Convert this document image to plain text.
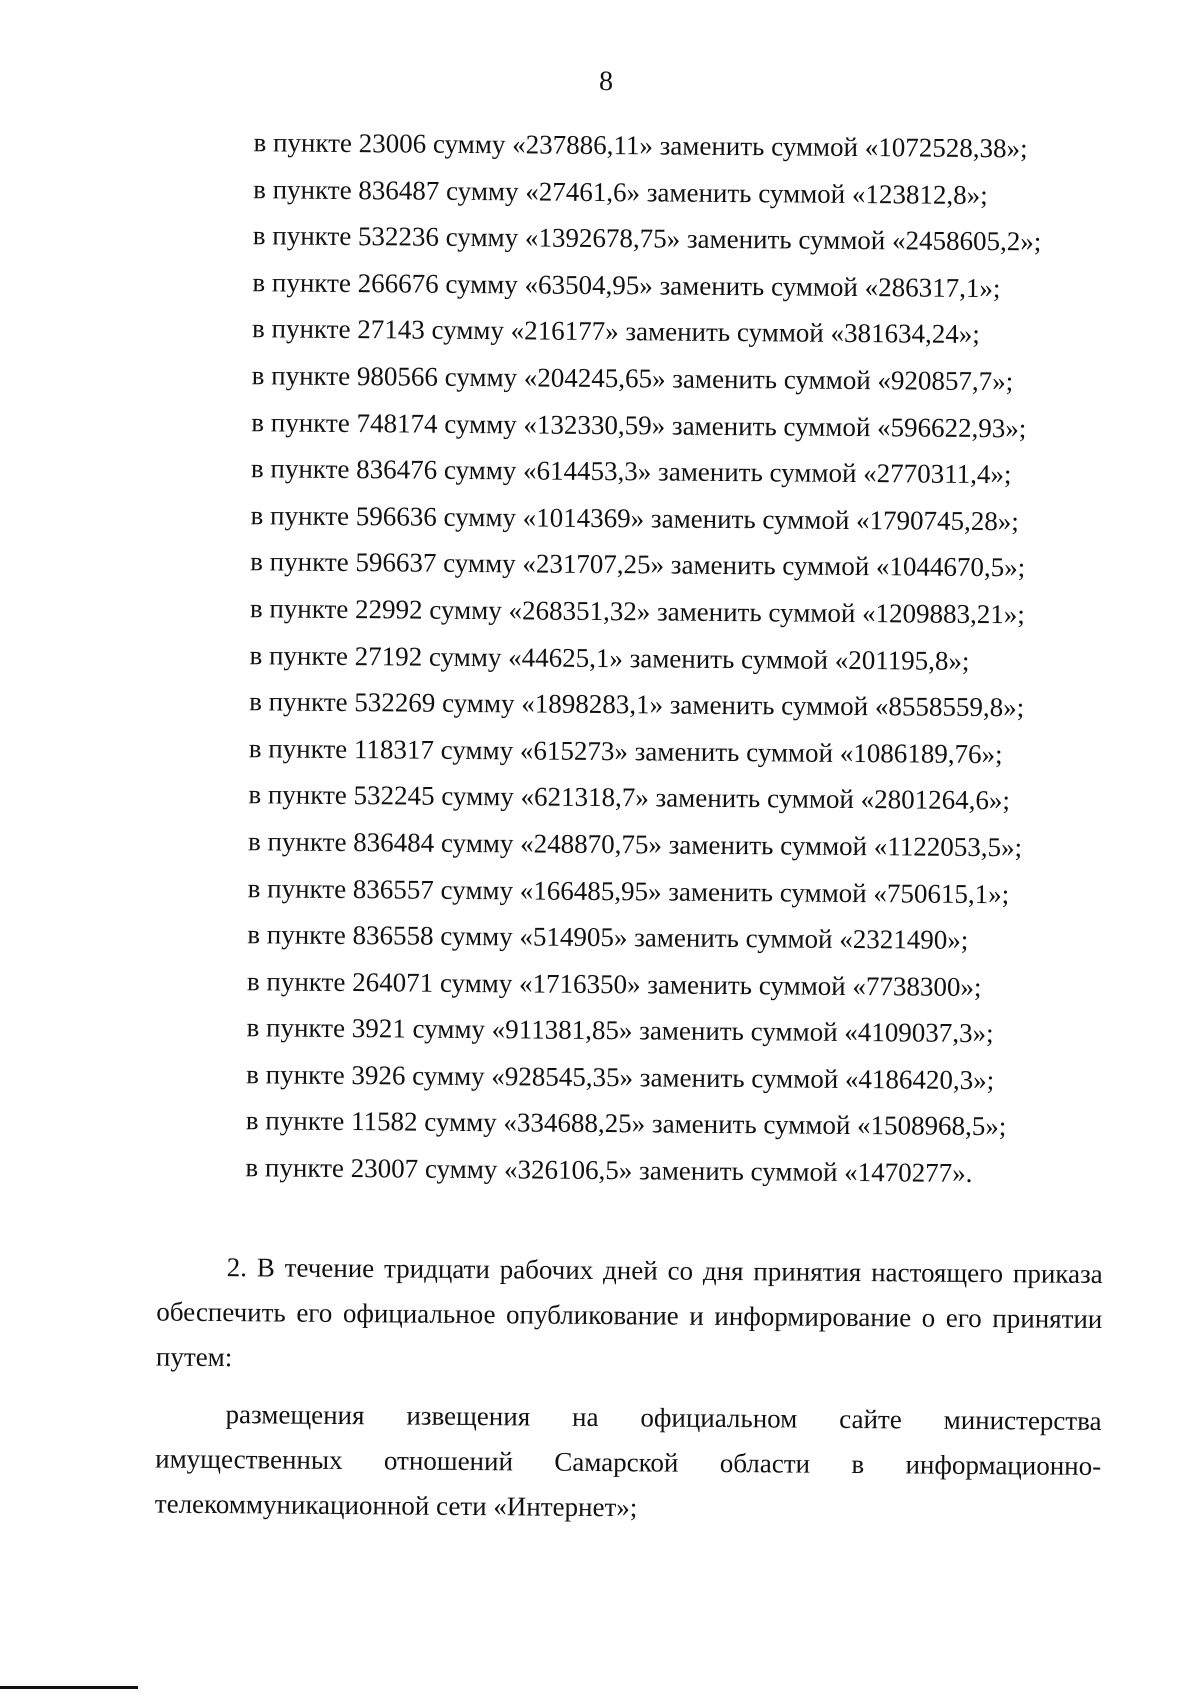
8
в пункте 23006 сумму «237886,11» заменить суммой «1072528,38»;
в пункте 836487 сумму «27461,6» заменить суммой «123812,8»;
в пункте 532236 сумму «1392678,75» заменить суммой «2458605,2»;
в пункте 266676 сумму «63504,95» заменить суммой «286317,1»;
в пункте 27143 сумму «216177» заменить суммой «381634,24»;
в пункте 980566 сумму «204245,65» заменить суммой «920857,7»;
в пункте 748174 сумму «132330,59» заменить суммой «596622,93»;
в пункте 836476 сумму «614453,3» заменить суммой «2770311,4»;
в пункте 596636 сумму «1014369» заменить суммой «1790745,28»;
в пункте 596637 сумму «231707,25» заменить суммой «1044670,5»;
в пункте 22992 сумму «268351,32» заменить суммой «1209883,21»;
в пункте 27192 сумму «44625,1» заменить суммой «201195,8»;
в пункте 532269 сумму «1898283,1» заменить суммой «8558559,8»;
в пункте 118317 сумму «615273» заменить суммой «1086189,76»;
в пункте 532245 сумму «621318,7» заменить суммой «2801264,6»;
в пункте 836484 сумму «248870,75» заменить суммой «1122053,5»;
в пункте 836557 сумму «166485,95» заменить суммой «750615,1»;
в пункте 836558 сумму «514905» заменить суммой «2321490»;
в пункте 264071 сумму «1716350» заменить суммой «7738300»;
в пункте 3921 сумму «911381,85» заменить суммой «4109037,3»;
в пункте 3926 сумму «928545,35» заменить суммой «4186420,3»;
в пункте 11582 сумму «334688,25» заменить суммой «1508968,5»;
в пункте 23007 сумму «326106,5» заменить суммой «1470277».

2. В течение тридцати рабочих дней со дня принятия настоящего приказа обеспечить его официальное опубликование и информирование о его принятии путем:

размещения извещения на официальном сайте министерства имущественных отношений Самарской области в информационно-телекоммуникационной сети «Интернет»;
